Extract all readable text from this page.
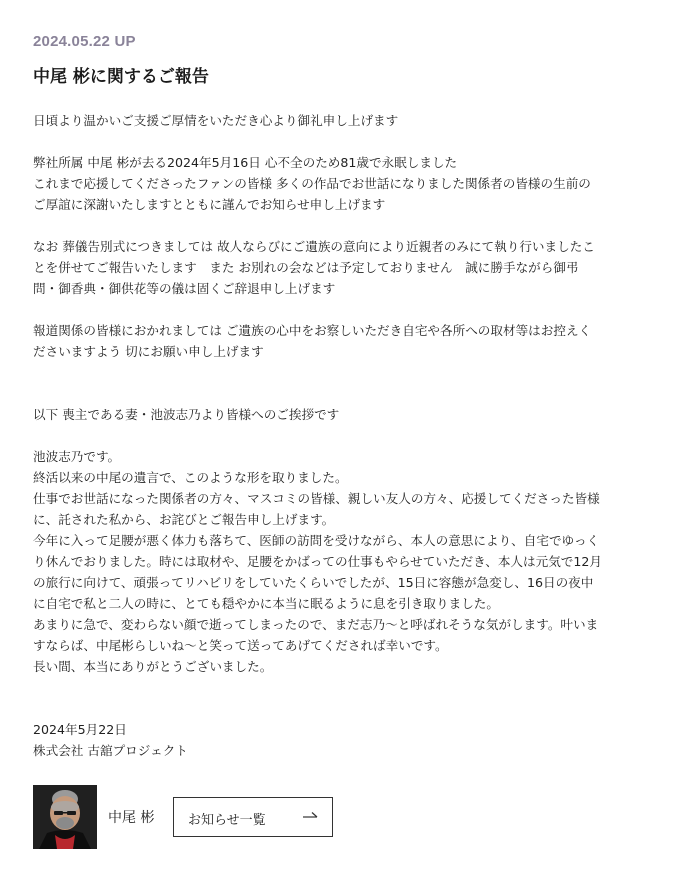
2024.05.22 UP
中尾 彬に関するご報告
日頃より温かいご支援ご厚情をいただき心より御礼申し上げます
弊社所属 中尾 彬が去る2024年5月16日 心不全のため81歳で永眠しました
これまで応援してくださったファンの皆様 多くの作品でお世話になりました関係者の皆様の生前の
ご厚誼に深謝いたしますとともに謹んでお知らせ申し上げます
なお 葬儀告別式につきましては 故人ならびにご遺族の意向により近親者のみにて執り行いましたこ
とを併せてご報告いたします　また お別れの会などは予定しておりません　誠に勝手ながら御弔
問・御香典・御供花等の儀は固くご辞退申し上げます
報道関係の皆様におかれましては ご遺族の心中をお察しいただき自宅や各所への取材等はお控えく
ださいますよう 切にお願い申し上げます
以下 喪主である妻・池波志乃より皆様へのご挨拶です
池波志乃です。
終活以来の中尾の遺言で、このような形を取りました。
仕事でお世話になった関係者の方々、マスコミの皆様、親しい友人の方々、応援してくださった皆様
に、託された私から、お詫びとご報告申し上げます。
今年に入って足腰が悪く体力も落ちて、医師の訪問を受けながら、本人の意思により、自宅でゆっく
り休んでおりました。時には取材や、足腰をかばっての仕事もやらせていただき、本人は元気で12月
の旅行に向けて、頑張ってリハビリをしていたくらいでしたが、15日に容態が急変し、16日の夜中
に自宅で私と二人の時に、とても穏やかに本当に眠るように息を引き取りました。
あまりに急で、変わらない顔で逝ってしまったので、まだ志乃〜と呼ばれそうな気がします。叶いま
すならば、中尾彬らしいね〜と笑って送ってあげてくだされば幸いです。
長い間、本当にありがとうございました。
2024年5月22日
株式会社 古舘プロジェクト
中尾 彬	お知らせ一覧
